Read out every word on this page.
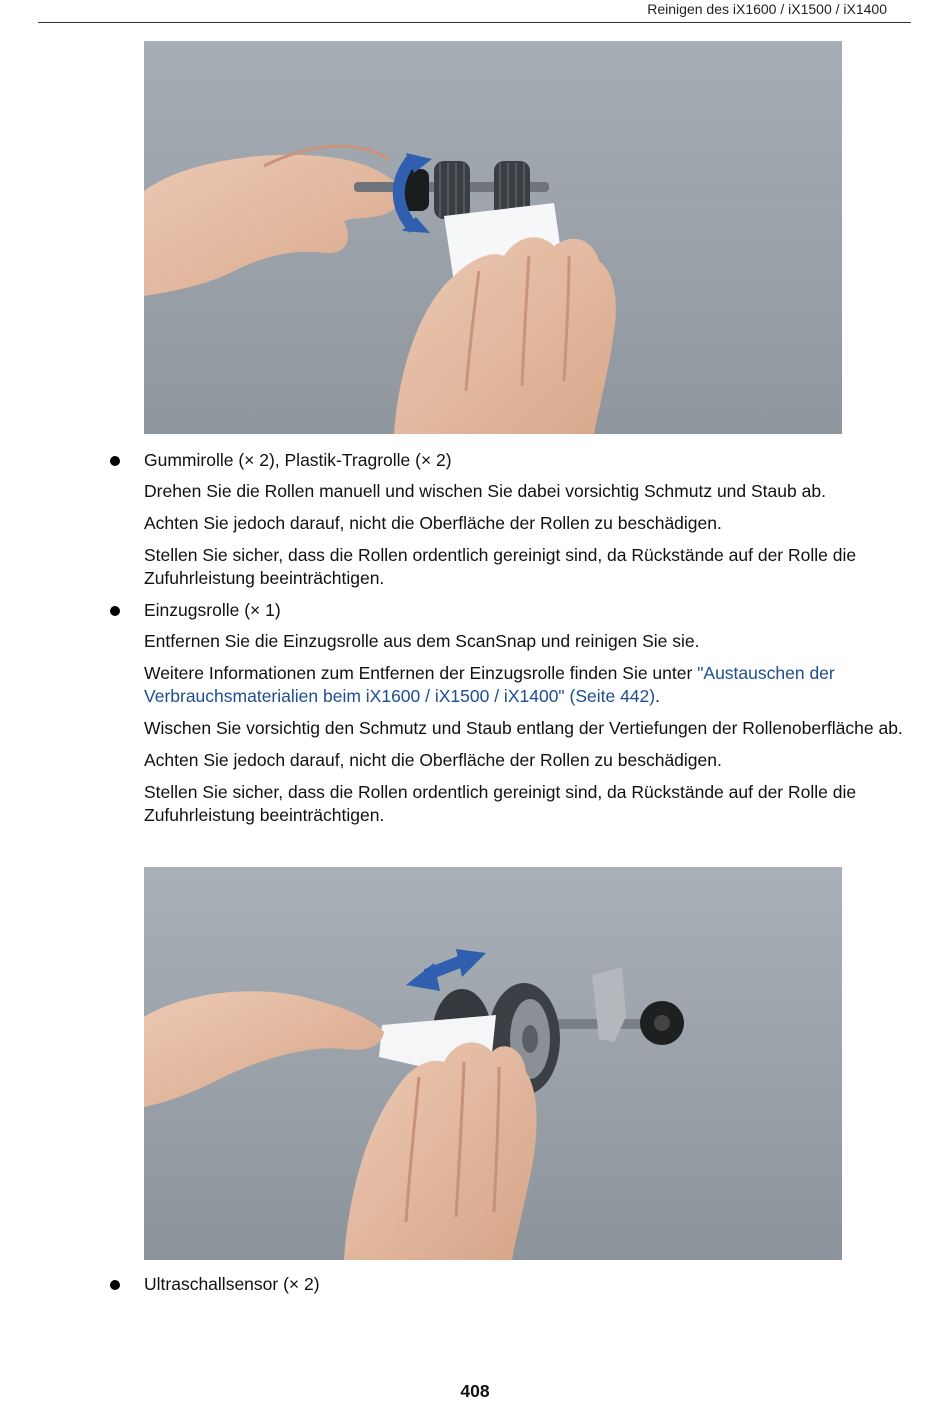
Reinigen des iX1600 / iX1500 / iX1400

Gummirolle (× 2), Plastik-Tragrolle (× 2)

Drehen Sie die Rollen manuell und wischen Sie dabei vorsichtig Schmutz und Staub ab.

Achten Sie jedoch darauf, nicht die Oberfläche der Rollen zu beschädigen.

Stellen Sie sicher, dass die Rollen ordentlich gereinigt sind, da Rückstände auf der Rolle die Zufuhrleistung beeinträchtigen.

Einzugsrolle (× 1)

Entfernen Sie die Einzugsrolle aus dem ScanSnap und reinigen Sie sie.

Weitere Informationen zum Entfernen der Einzugsrolle finden Sie unter "Austauschen der Verbrauchsmaterialien beim iX1600 / iX1500 / iX1400" (Seite 442).

Wischen Sie vorsichtig den Schmutz und Staub entlang der Vertiefungen der Rollenoberfläche ab.

Achten Sie jedoch darauf, nicht die Oberfläche der Rollen zu beschädigen.

Stellen Sie sicher, dass die Rollen ordentlich gereinigt sind, da Rückstände auf der Rolle die Zufuhrleistung beeinträchtigen.

Ultraschallsensor (× 2)

408
